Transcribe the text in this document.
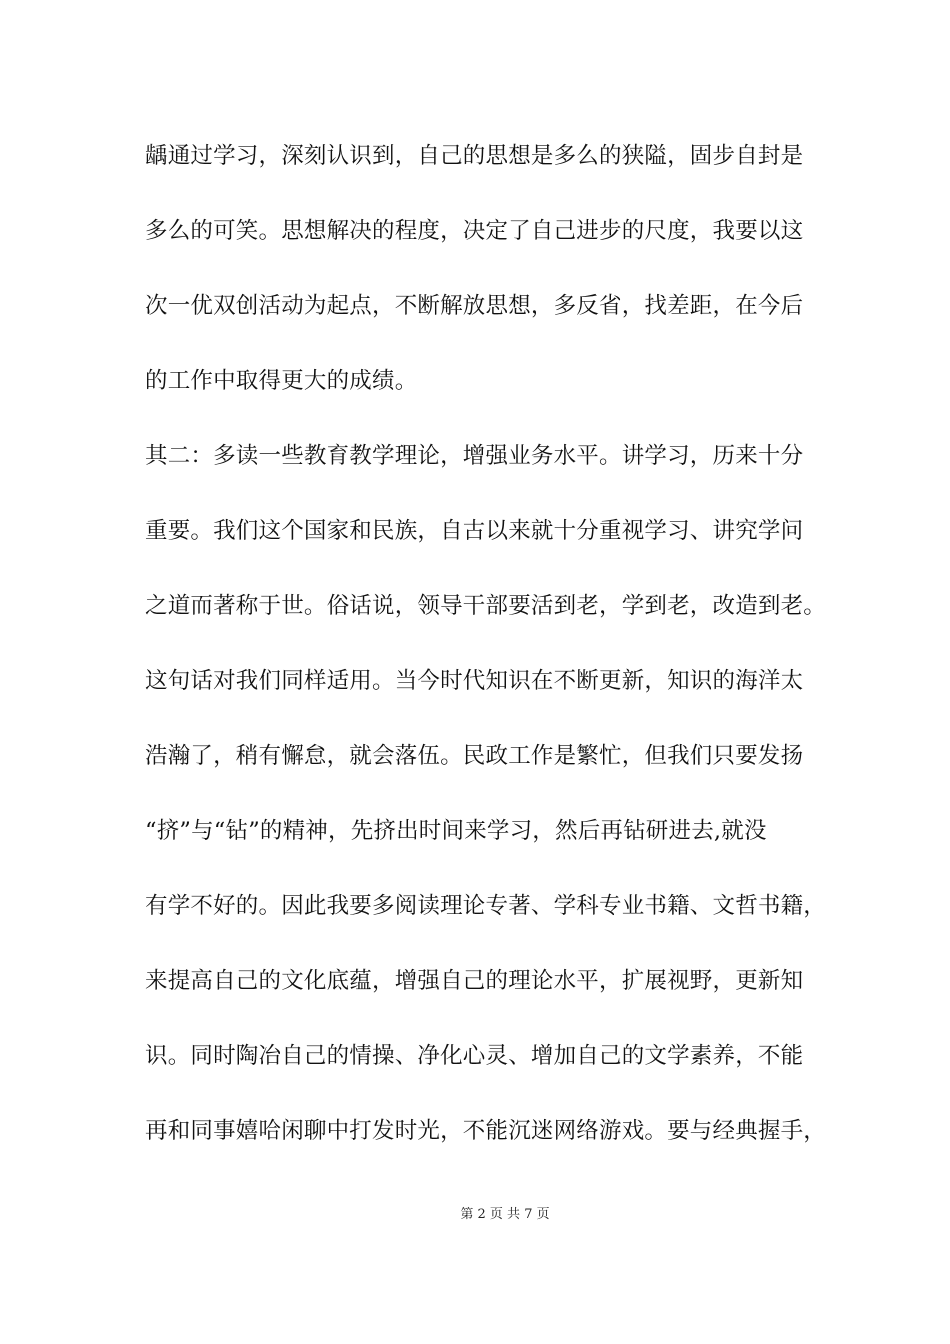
龋通过学习，深刻认识到，自己的思想是多么的狭隘，固步自封是
多么的可笑。思想解决的程度，决定了自己进步的尺度，我要以这
次一优双创活动为起点，不断解放思想，多反省，找差距，在今后
的工作中取得更大的成绩。
其二：多读一些教育教学理论，增强业务水平。讲学习，历来十分
重要。我们这个国家和民族，自古以来就十分重视学习、讲究学问
之道而著称于世。俗话说，领导干部要活到老，学到老，改造到老。
这句话对我们同样适用。当今时代知识在不断更新，知识的海洋太
浩瀚了，稍有懈怠，就会落伍。民政工作是繁忙，但我们只要发扬
“挤”与“钻”的精神，先挤出时间来学习，然后再钻研进去,就没
有学不好的。因此我要多阅读理论专著、学科专业书籍、文哲书籍，
来提高自己的文化底蕴，增强自己的理论水平，扩展视野，更新知
识。同时陶冶自己的情操、净化心灵、增加自己的文学素养，不能
再和同事嬉哈闲聊中打发时光，不能沉迷网络游戏。要与经典握手，
第 2 页 共 7 页
